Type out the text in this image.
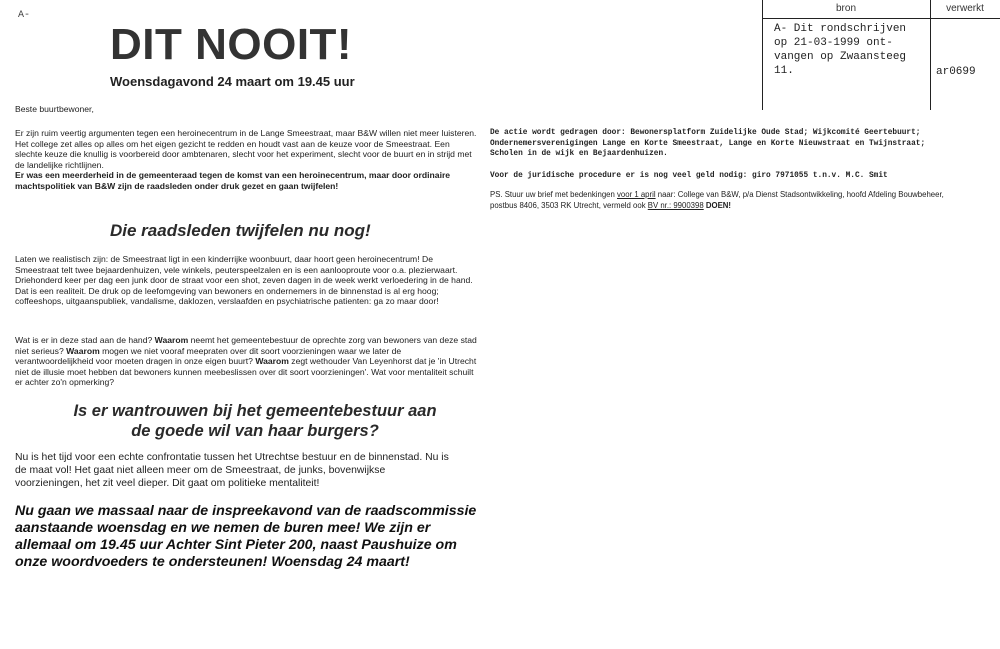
A-
DIT NOOIT!
Woensdagavond 24 maart om 19.45 uur
bron	verwerkt
A- Dit rondschrijven
op 21-03-1999 ont-
vangen op Zwaansteeg
11.	ar0699
Beste buurtbewoner,
Er zijn ruim veertig argumenten tegen een heroinecentrum in de Lange Smeestraat, maar B&W willen niet meer luisteren. Het college zet alles op alles om het eigen gezicht te redden en houdt vast aan de keuze voor de Smeestraat. Een slechte keuze die knullig is voorbereid door ambtenaren, slecht voor het experiment, slecht voor de buurt en in strijd met de landelijke richtlijnen.
Er was een meerderheid in de gemeenteraad tegen de komst van een heroinecentrum, maar door ordinaire machtspolitiek van B&W zijn de raadsleden onder druk gezet en gaan twijfelen!
Die raadsleden twijfelen nu nog!
Laten we realistisch zijn: de Smeestraat ligt in een kinderrijke woonbuurt, daar hoort geen heroinecentrum! De Smeestraat telt twee bejaardenhuizen, vele winkels, peuterspeelzalen en is een aanlooproute voor o.a. plezierwaart. Driehonderd keer per dag een junk door de straat voor een shot, zeven dagen in de week werkt verloedering in de hand. Dat is een realiteit. De druk op de leefomgeving van bewoners en ondernemers in de binnenstad is al erg hoog; coffeeshops, uitgaanspubliek, vandalisme, daklozen, verslaafden en psychiatrische patienten: ga zo maar door!
Wat is er in deze stad aan de hand? Waarom neemt het gemeentebestuur de oprechte zorg van bewoners van deze stad niet serieus? Waarom mogen we niet vooraf meepraten over dit soort voorzieningen waar we later de verantwoordelijkheid voor moeten dragen in onze eigen buurt? Waarom zegt wethouder Van Leyenhorst dat je 'in Utrecht niet de illusie moet hebben dat bewoners kunnen meebeslissen over dit soort voorzieningen'. Wat voor mentaliteit schuilt er achter zo'n opmerking?
Is er wantrouwen bij het gemeentebestuur aan
de goede wil van haar burgers?
Nu is het tijd voor een echte confrontatie tussen het Utrechtse bestuur en de binnenstad. Nu is de maat vol! Het gaat niet alleen meer om de Smeestraat, de junks, bovenwijkse voorzieningen, het zit veel dieper. Dit gaat om politieke mentaliteit!
Nu gaan we massaal naar de inspreekavond van de raadscommissie aanstaande woensdag en we nemen de buren mee! We zijn er allemaal om 19.45 uur Achter Sint Pieter 200, naast Paushuize om onze woordvoeders te ondersteunen! Woensdag 24 maart!
De actie wordt gedragen door: Bewonersplatform Zuidelijke Oude Stad; Wijkcomité Geertebuurt; Ondernemersverenigingen Lange en Korte Smeestraat, Lange en Korte Nieuwstraat en Twijnstraat; Scholen in de wijk en Bejaardenhuizen.
Voor de juridische procedure er is nog veel geld nodig: giro 7971055 t.n.v. M.C. Smit
PS. Stuur uw brief met bedenkingen voor 1 april naar: College van B&W, p/a Dienst Stadsontwikkeling, hoofd Afdeling Bouwbeheer, postbus 8406, 3503 RK Utrecht, vermeld ook BV nr.: 9900398 DOEN!
